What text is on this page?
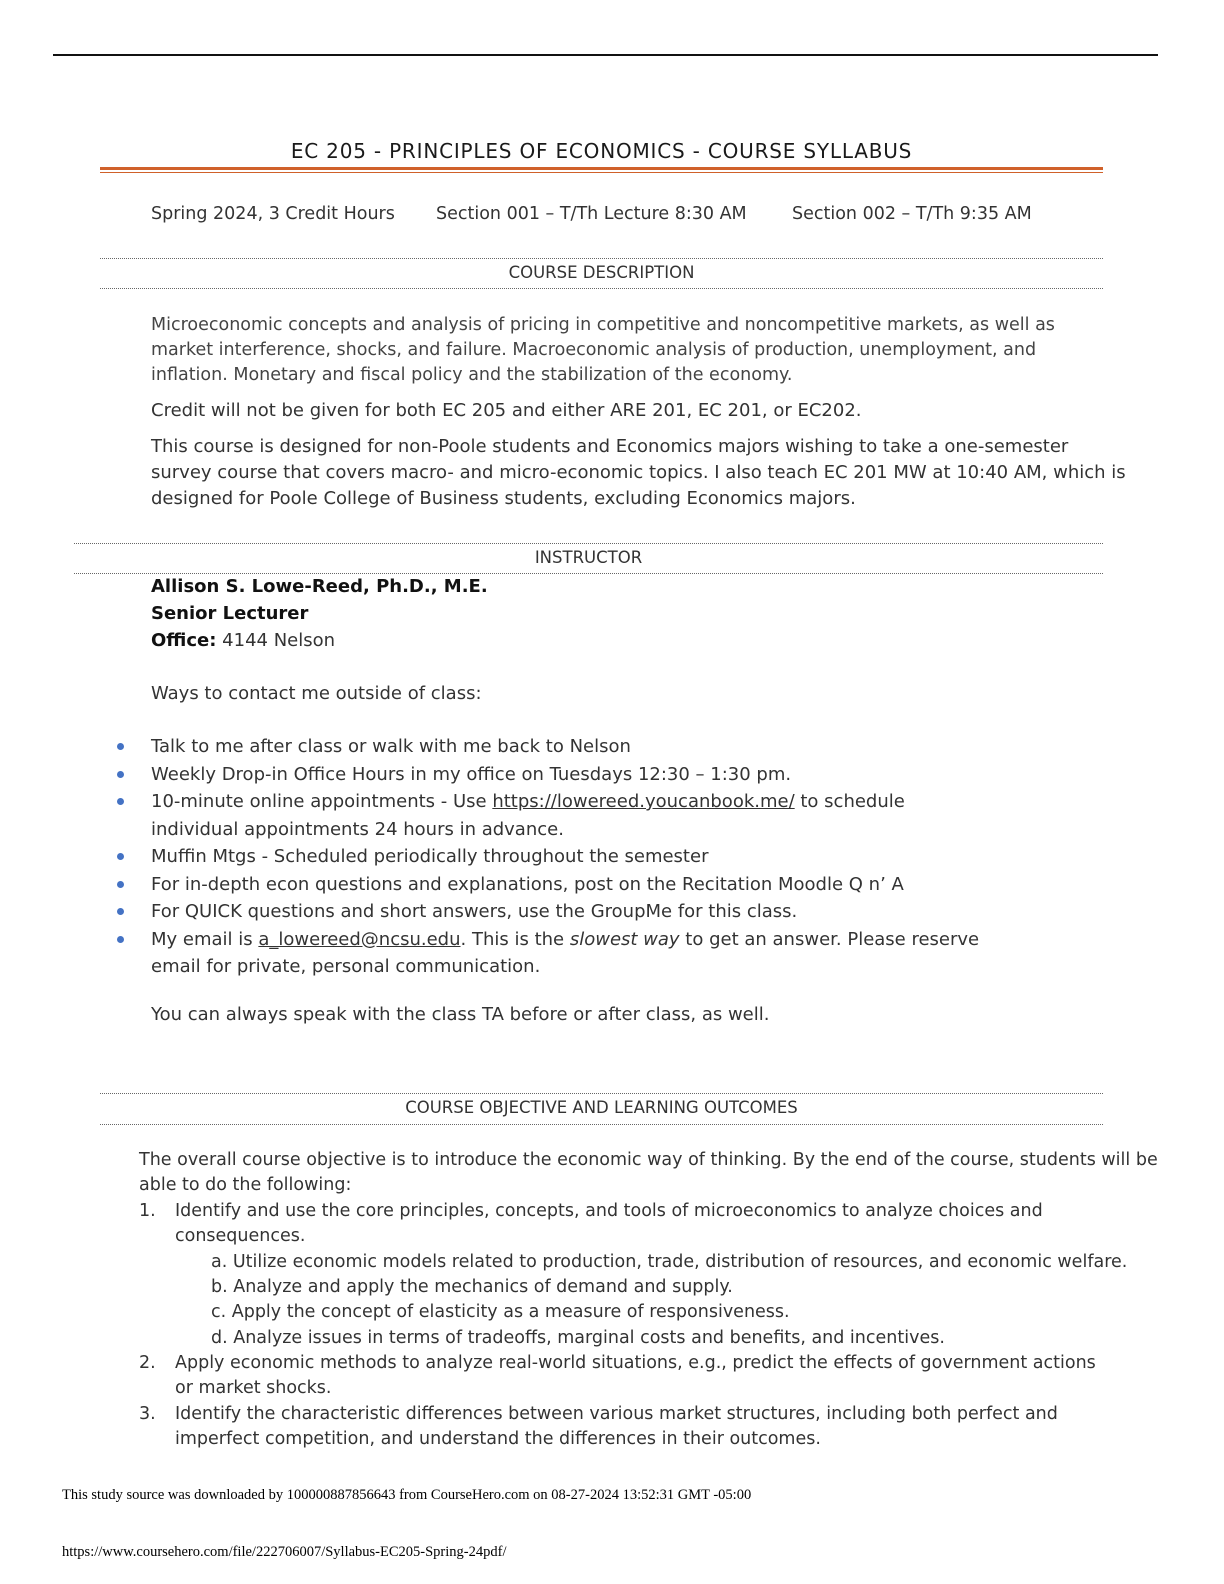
EC 205 - PRINCIPLES OF ECONOMICS - COURSE SYLLABUS
Spring 2024, 3 Credit Hours Section 001 – T/Th Lecture 8:30 AM	Section 002 – T/Th 9:35 AM
COURSE DESCRIPTION
Microeconomic concepts and analysis of pricing in competitive and noncompetitive markets, as well as market interference, shocks, and failure. Macroeconomic analysis of production, unemployment, and inflation. Monetary and fiscal policy and the stabilization of the economy.
Credit will not be given for both EC 205 and either ARE 201, EC 201, or EC202.
This course is designed for non-Poole students and Economics majors wishing to take a one-semester survey course that covers macro- and micro-economic topics. I also teach EC 201 MW at 10:40 AM, which is designed for Poole College of Business students, excluding Economics majors.
INSTRUCTOR
Allison S. Lowe-Reed, Ph.D., M.E.
Senior Lecturer
Office: 4144 Nelson
Ways to contact me outside of class:
Talk to me after class or walk with me back to Nelson
Weekly Drop-in Office Hours in my office on Tuesdays 12:30 – 1:30 pm.
10-minute online appointments - Use https://lowereed.youcanbook.me/ to schedule
individual appointments 24 hours in advance.
Muffin Mtgs - Scheduled periodically throughout the semester
For in-depth econ questions and explanations, post on the Recitation Moodle Q n’ A
For QUICK questions and short answers, use the GroupMe for this class.
My email is a_lowereed@ncsu.edu. This is the slowest way to get an answer. Please reserve
email for private, personal communication.
You can always speak with the class TA before or after class, as well.
COURSE OBJECTIVE AND LEARNING OUTCOMES
The overall course objective is to introduce the economic way of thinking. By the end of the course, students will be
able to do the following:
1. Identify and use the core principles, concepts, and tools of microeconomics to analyze choices and
consequences.
a. Utilize economic models related to production, trade, distribution of resources, and economic welfare.
b. Analyze and apply the mechanics of demand and supply.
c. Apply the concept of elasticity as a measure of responsiveness.
d. Analyze issues in terms of tradeoffs, marginal costs and benefits, and incentives.
2. Apply economic methods to analyze real-world situations, e.g., predict the effects of government actions
or market shocks.
3. Identify the characteristic differences between various market structures, including both perfect and
imperfect competition, and understand the differences in their outcomes.
This study source was downloaded by 100000887856643 from CourseHero.com on 08-27-2024 13:52:31 GMT -05:00
https://www.coursehero.com/file/222706007/Syllabus-EC205-Spring-24pdf/
